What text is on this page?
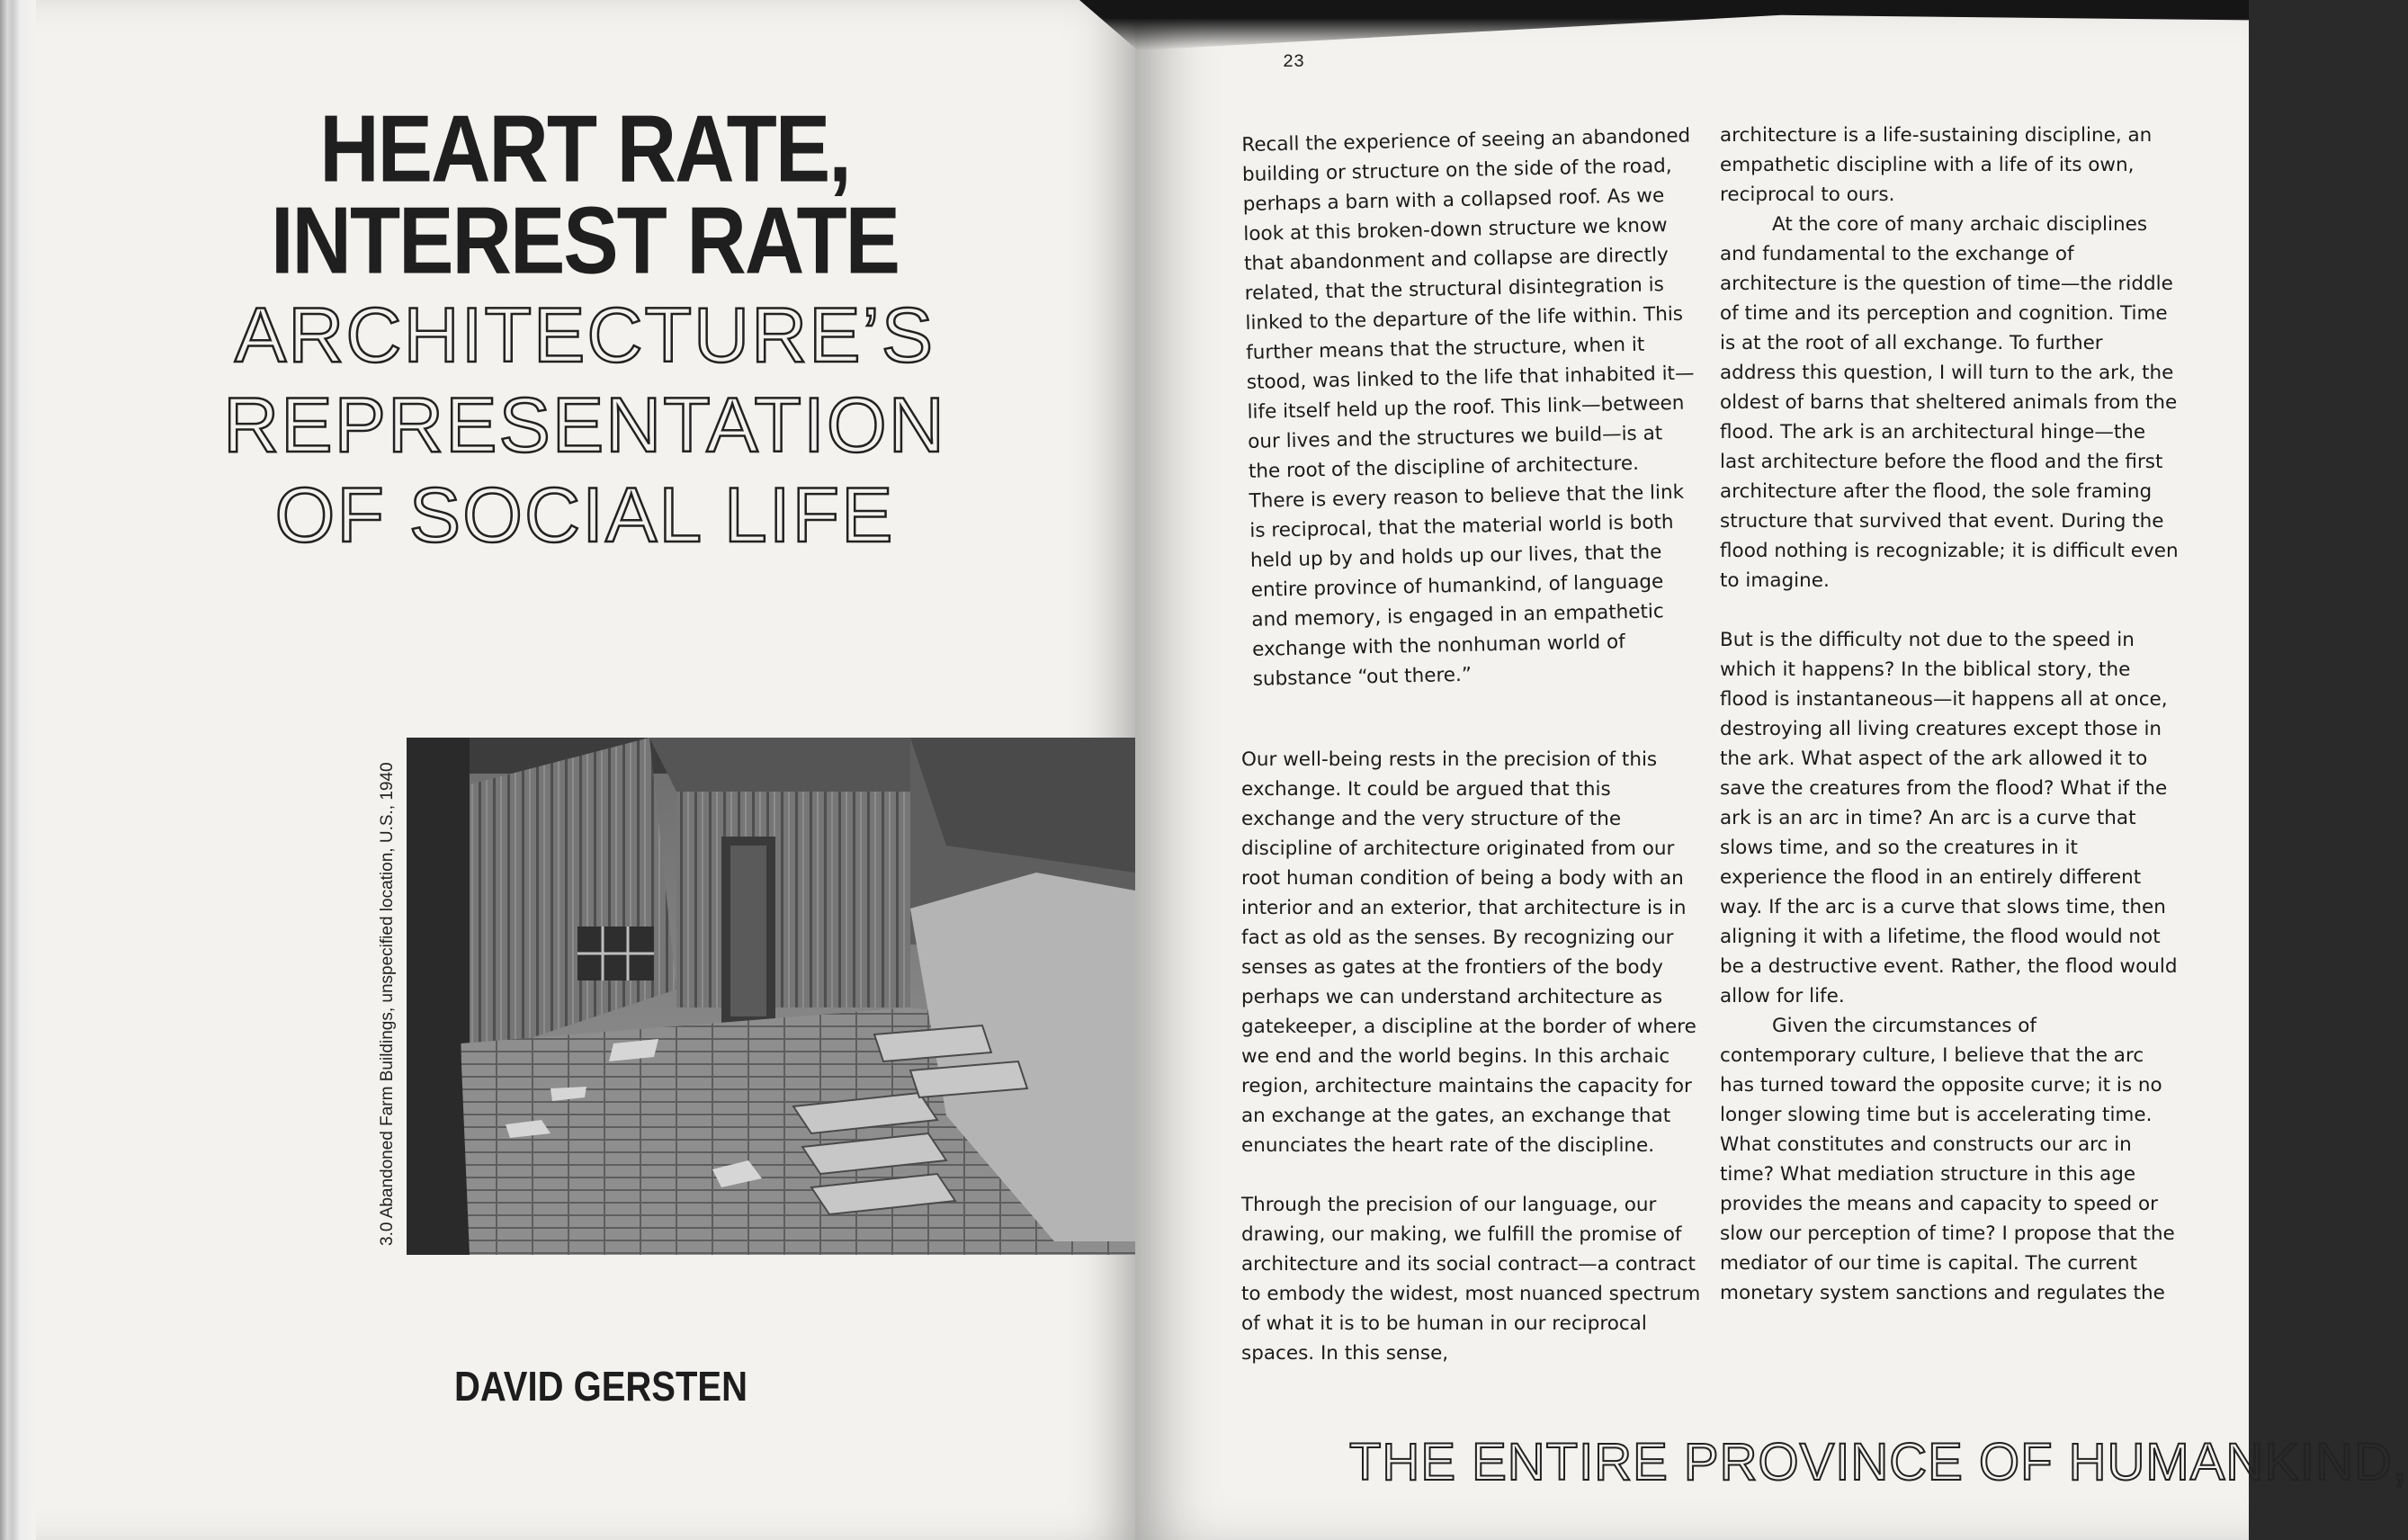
HEART RATE,
INTEREST RATE
ARCHITECTURE’S
REPRESENTATION
OF SOCIAL LIFE
3.0 Abandoned Farm Buildings, unspecified location, U.S., 1940
DAVID GERSTEN
23

Recall the experience of seeing an abandoned building or structure on the side of the road, perhaps a barn with a collapsed roof. As we look at this broken-down structure we know that abandonment and collapse are directly related, that the structural disintegration is linked to the departure of the life within. This further means that the structure, when it stood, was linked to the life that inhabited it—life itself held up the roof. This link—between our lives and the structures we build—is at the root of the discipline of architecture. There is every reason to believe that the link is reciprocal, that the material world is both held up by and holds up our lives, that the entire province of humankind, of language and memory, is engaged in an empathetic exchange with the nonhuman world of substance “out there.”

Our well-being rests in the precision of this exchange. It could be argued that this exchange and the very structure of the discipline of architecture originated from our root human condition of being a body with an interior and an exterior, that architecture is in fact as old as the senses. By recognizing our senses as gates at the frontiers of the body perhaps we can understand architecture as gatekeeper, a discipline at the border of where we end and the world begins. In this archaic region, architecture maintains the capacity for an exchange at the gates, an exchange that enunciates the heart rate of the discipline.

Through the precision of our language, our drawing, our making, we fulfill the promise of architecture and its social contract—a contract to embody the widest, most nuanced spectrum of what it is to be human in our reciprocal spaces. In this sense,

architecture is a life-sustaining discipline, an empathetic discipline with a life of its own, reciprocal to ours.

At the core of many archaic disciplines and fundamental to the exchange of architecture is the question of time—the riddle of time and its perception and cognition. Time is at the root of all exchange. To further address this question, I will turn to the ark, the oldest of barns that sheltered animals from the flood. The ark is an architectural hinge—the last architecture before the flood and the first architecture after the flood, the sole framing structure that survived that event. During the flood nothing is recognizable; it is difficult even to imagine.

But is the difficulty not due to the speed in which it happens? In the biblical story, the flood is instantaneous—it happens all at once, destroying all living creatures except those in the ark. What aspect of the ark allowed it to save the creatures from the flood? What if the ark is an arc in time? An arc is a curve that slows time, and so the creatures in it experience the flood in an entirely different way. If the arc is a curve that slows time, then aligning it with a lifetime, the flood would not be a destructive event. Rather, the flood would allow for life.

Given the circumstances of contemporary culture, I believe that the arc has turned toward the opposite curve; it is no longer slowing time but is accelerating time. What constitutes and constructs our arc in time? What mediation structure in this age provides the means and capacity to speed or slow our perception of time? I propose that the mediator of our time is capital. The current monetary system sanctions and regulates the

THE ENTIRE PROVINCE OF HUMANKIND,
